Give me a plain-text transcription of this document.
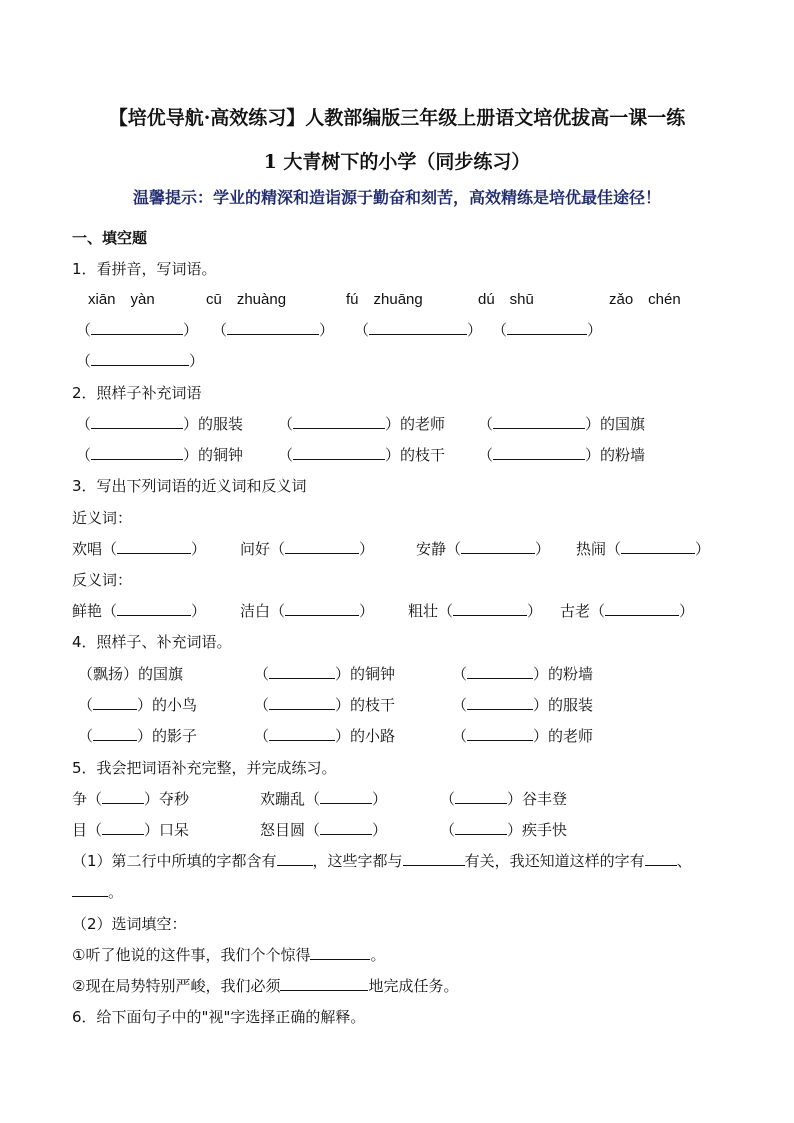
【培优导航·高效练习】人教部编版三年级上册语文培优拔高一课一练
1 大青树下的小学（同步练习）
温馨提示：学业的精深和造诣源于勤奋和刻苦，高效精练是培优最佳途径！
一、填空题
1．看拼音，写词语。
xiān　yàn	cū　zhuàng	fú　zhuāng	dú　shū	zǎo　chén
（	） （	） （	） （	）
（	）
2．照样子补充词语
（	）的服装 （	）的老师 （	）的国旗
（	）的铜钟 （	）的枝干 （	）的粉墙
3．写出下列词语的近义词和反义词
近义词：
欢唱（	） 问好（	）	安静（	） 热闹（	）
反义词：
鲜艳（	） 洁白（	） 粗壮（	） 古老（	）
4．照样子、补充词语。
（飘扬）的国旗	（	）的铜钟	（	）的粉墙
（	）的小鸟	（	）的枝干	（	）的服装
（	）的影子	（	）的小路	（	）的老师
5．我会把词语补充完整，并完成练习。
争（	）夺秒	欢蹦乱（	）	（	）谷丰登
目（	）口呆	怒目圆（	）	（	）疾手快
（1）第二行中所填的字都含有 ，这些字都与	有关，我还知道这样的字有 、
。
（2）选词填空：
①听了他说的这件事，我们个个惊得	。
②现在局势特别严峻，我们必须	地完成任务。
6．给下面句子中的"视"字选择正确的解释。
